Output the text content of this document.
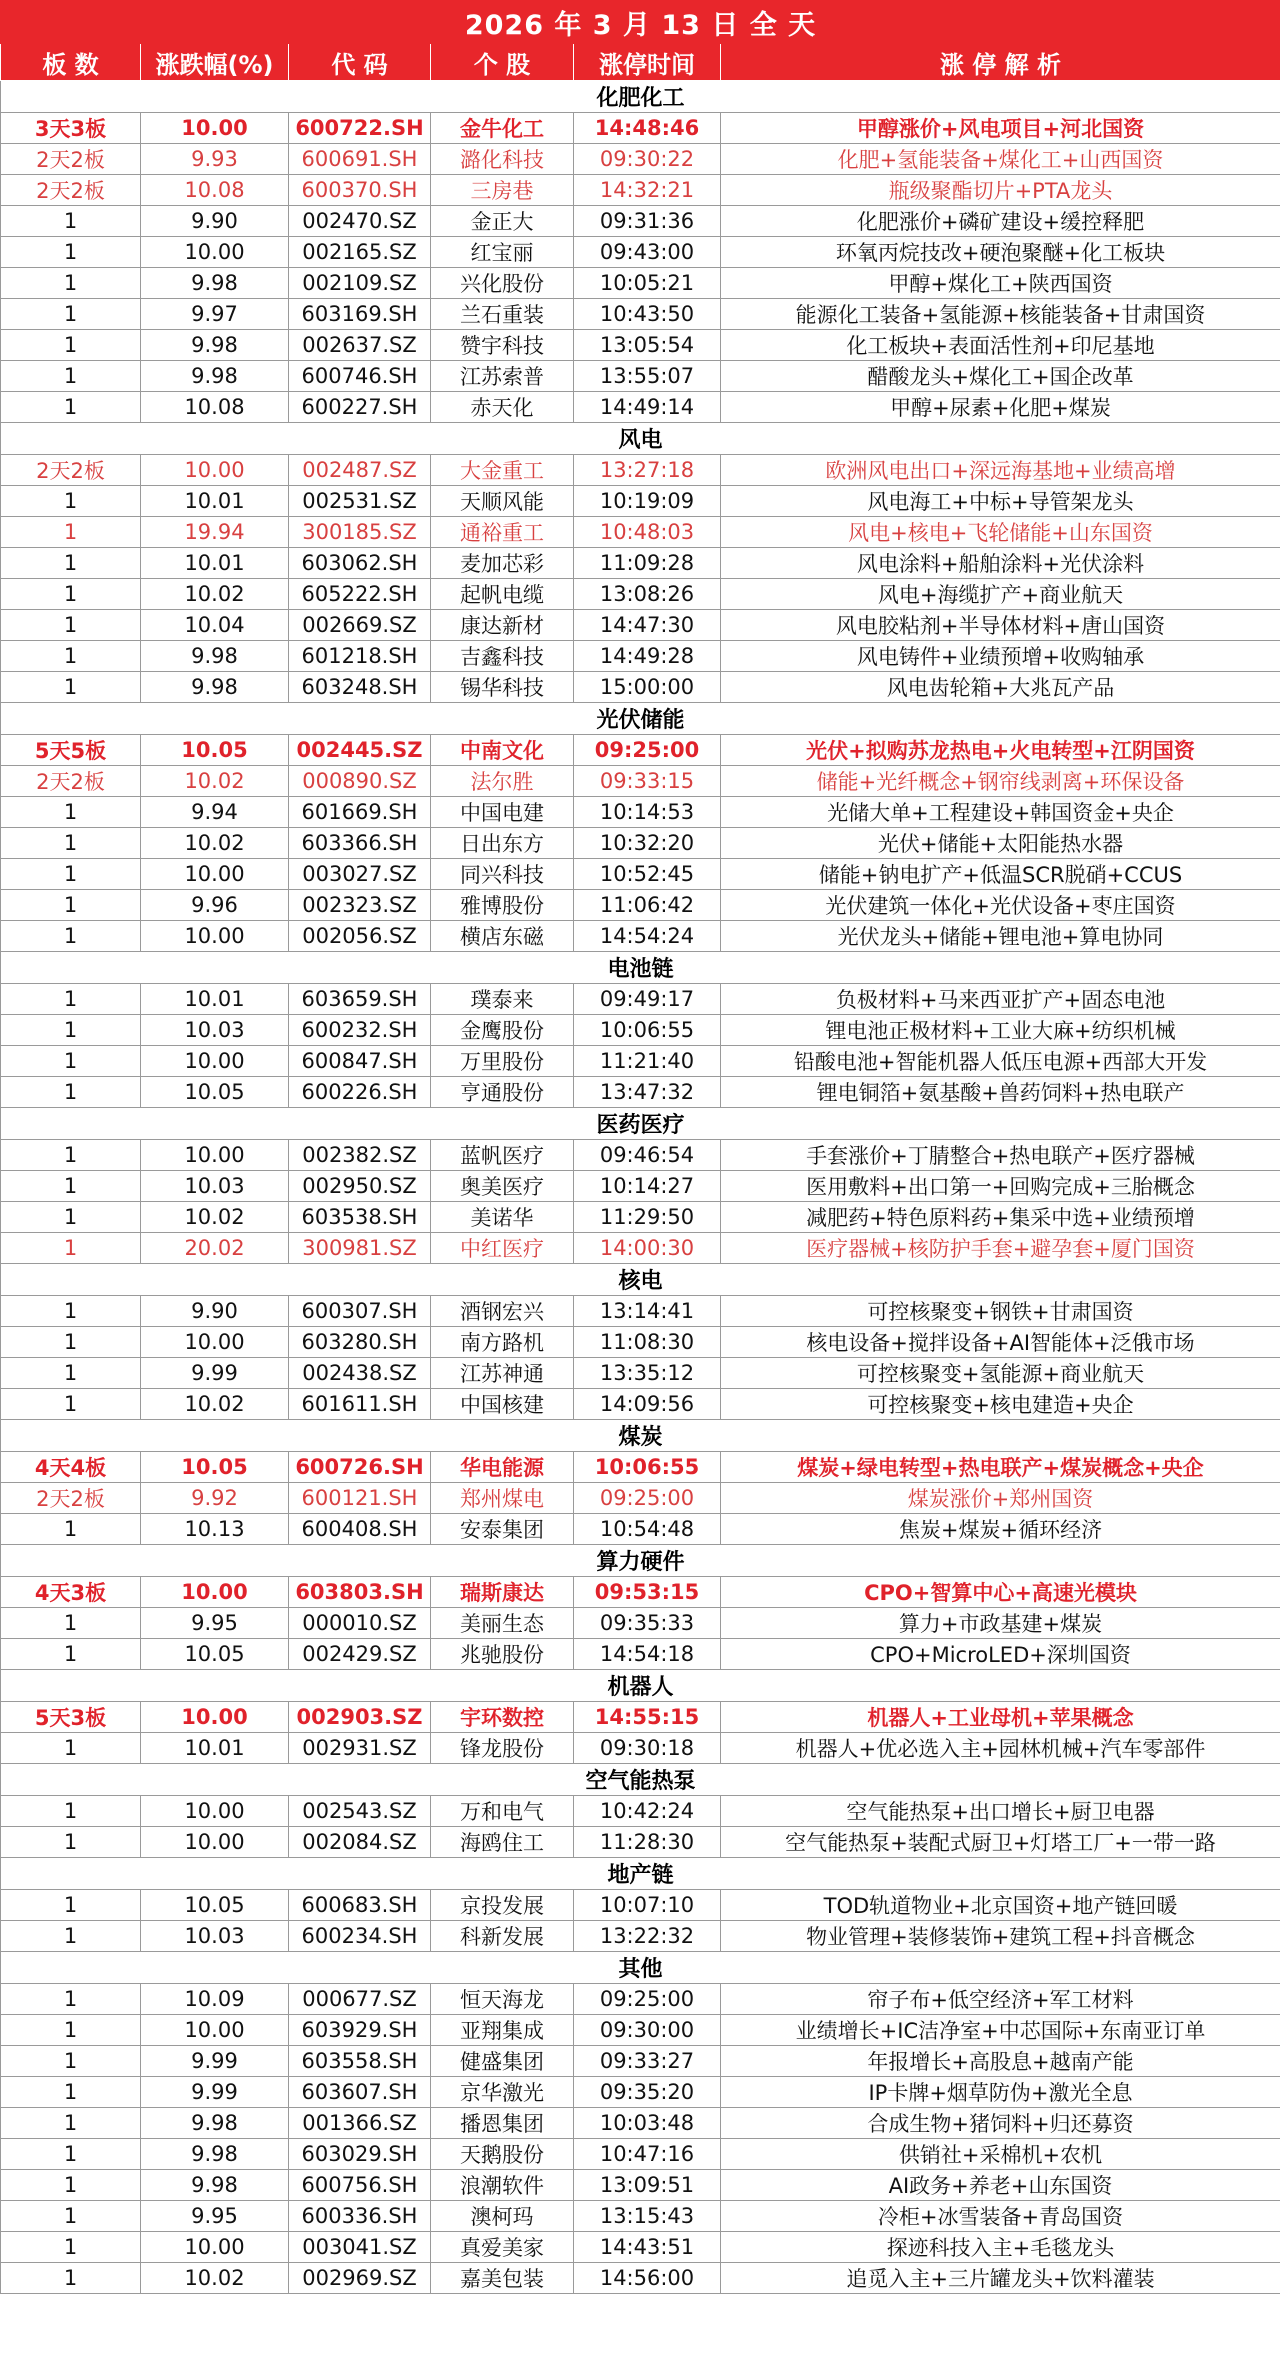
2026 年 3 月 13 日 全 天					
板 数	涨跌幅(%)	代 码	个 股	涨停时间	涨 停 解 析
化肥化工					
3天3板	10.00	600722.SH	金牛化工	14:48:46	甲醇涨价+风电项目+河北国资
2天2板	9.93	600691.SH	潞化科技	09:30:22	化肥+氢能装备+煤化工+山西国资
2天2板	10.08	600370.SH	三房巷	14:32:21	瓶级聚酯切片+PTA龙头
1	9.90	002470.SZ	金正大	09:31:36	化肥涨价+磷矿建设+缓控释肥
1	10.00	002165.SZ	红宝丽	09:43:00	环氧丙烷技改+硬泡聚醚+化工板块
1	9.98	002109.SZ	兴化股份	10:05:21	甲醇+煤化工+陕西国资
1	9.97	603169.SH	兰石重装	10:43:50	能源化工装备+氢能源+核能装备+甘肃国资
1	9.98	002637.SZ	赞宇科技	13:05:54	化工板块+表面活性剂+印尼基地
1	9.98	600746.SH	江苏索普	13:55:07	醋酸龙头+煤化工+国企改革
1	10.08	600227.SH	赤天化	14:49:14	甲醇+尿素+化肥+煤炭
风电					
2天2板	10.00	002487.SZ	大金重工	13:27:18	欧洲风电出口+深远海基地+业绩高增
1	10.01	002531.SZ	天顺风能	10:19:09	风电海工+中标+导管架龙头
1	19.94	300185.SZ	通裕重工	10:48:03	风电+核电+飞轮储能+山东国资
1	10.01	603062.SH	麦加芯彩	11:09:28	风电涂料+船舶涂料+光伏涂料
1	10.02	605222.SH	起帆电缆	13:08:26	风电+海缆扩产+商业航天
1	10.04	002669.SZ	康达新材	14:47:30	风电胶粘剂+半导体材料+唐山国资
1	9.98	601218.SH	吉鑫科技	14:49:28	风电铸件+业绩预增+收购轴承
1	9.98	603248.SH	锡华科技	15:00:00	风电齿轮箱+大兆瓦产品
光伏储能					
5天5板	10.05	002445.SZ	中南文化	09:25:00	光伏+拟购苏龙热电+火电转型+江阴国资
2天2板	10.02	000890.SZ	法尔胜	09:33:15	储能+光纤概念+钢帘线剥离+环保设备
1	9.94	601669.SH	中国电建	10:14:53	光储大单+工程建设+韩国资金+央企
1	10.02	603366.SH	日出东方	10:32:20	光伏+储能+太阳能热水器
1	10.00	003027.SZ	同兴科技	10:52:45	储能+钠电扩产+低温SCR脱硝+CCUS
1	9.96	002323.SZ	雅博股份	11:06:42	光伏建筑一体化+光伏设备+枣庄国资
1	10.00	002056.SZ	横店东磁	14:54:24	光伏龙头+储能+锂电池+算电协同
电池链					
1	10.01	603659.SH	璞泰来	09:49:17	负极材料+马来西亚扩产+固态电池
1	10.03	600232.SH	金鹰股份	10:06:55	锂电池正极材料+工业大麻+纺织机械
1	10.00	600847.SH	万里股份	11:21:40	铅酸电池+智能机器人低压电源+西部大开发
1	10.05	600226.SH	亨通股份	13:47:32	锂电铜箔+氨基酸+兽药饲料+热电联产
医药医疗					
1	10.00	002382.SZ	蓝帆医疗	09:46:54	手套涨价+丁腈整合+热电联产+医疗器械
1	10.03	002950.SZ	奥美医疗	10:14:27	医用敷料+出口第一+回购完成+三胎概念
1	10.02	603538.SH	美诺华	11:29:50	减肥药+特色原料药+集采中选+业绩预增
1	20.02	300981.SZ	中红医疗	14:00:30	医疗器械+核防护手套+避孕套+厦门国资
核电					
1	9.90	600307.SH	酒钢宏兴	13:14:41	可控核聚变+钢铁+甘肃国资
1	10.00	603280.SH	南方路机	11:08:30	核电设备+搅拌设备+AI智能体+泛俄市场
1	9.99	002438.SZ	江苏神通	13:35:12	可控核聚变+氢能源+商业航天
1	10.02	601611.SH	中国核建	14:09:56	可控核聚变+核电建造+央企
煤炭					
4天4板	10.05	600726.SH	华电能源	10:06:55	煤炭+绿电转型+热电联产+煤炭概念+央企
2天2板	9.92	600121.SH	郑州煤电	09:25:00	煤炭涨价+郑州国资
1	10.13	600408.SH	安泰集团	10:54:48	焦炭+煤炭+循环经济
算力硬件					
4天3板	10.00	603803.SH	瑞斯康达	09:53:15	CPO+智算中心+高速光模块
1	9.95	000010.SZ	美丽生态	09:35:33	算力+市政基建+煤炭
1	10.05	002429.SZ	兆驰股份	14:54:18	CPO+MicroLED+深圳国资
机器人					
5天3板	10.00	002903.SZ	宇环数控	14:55:15	机器人+工业母机+苹果概念
1	10.01	002931.SZ	锋龙股份	09:30:18	机器人+优必选入主+园林机械+汽车零部件
空气能热泵					
1	10.00	002543.SZ	万和电气	10:42:24	空气能热泵+出口增长+厨卫电器
1	10.00	002084.SZ	海鸥住工	11:28:30	空气能热泵+装配式厨卫+灯塔工厂+一带一路
地产链					
1	10.05	600683.SH	京投发展	10:07:10	TOD轨道物业+北京国资+地产链回暖
1	10.03	600234.SH	科新发展	13:22:32	物业管理+装修装饰+建筑工程+抖音概念
其他					
1	10.09	000677.SZ	恒天海龙	09:25:00	帘子布+低空经济+军工材料
1	10.00	603929.SH	亚翔集成	09:30:00	业绩增长+IC洁净室+中芯国际+东南亚订单
1	9.99	603558.SH	健盛集团	09:33:27	年报增长+高股息+越南产能
1	9.99	603607.SH	京华激光	09:35:20	IP卡牌+烟草防伪+激光全息
1	9.98	001366.SZ	播恩集团	10:03:48	合成生物+猪饲料+归还募资
1	9.98	603029.SH	天鹅股份	10:47:16	供销社+采棉机+农机
1	9.98	600756.SH	浪潮软件	13:09:51	AI政务+养老+山东国资
1	9.95	600336.SH	澳柯玛	13:15:43	冷柜+冰雪装备+青岛国资
1	10.00	003041.SZ	真爱美家	14:43:51	探迹科技入主+毛毯龙头
1	10.02	002969.SZ	嘉美包装	14:56:00	追觅入主+三片罐龙头+饮料灌装
